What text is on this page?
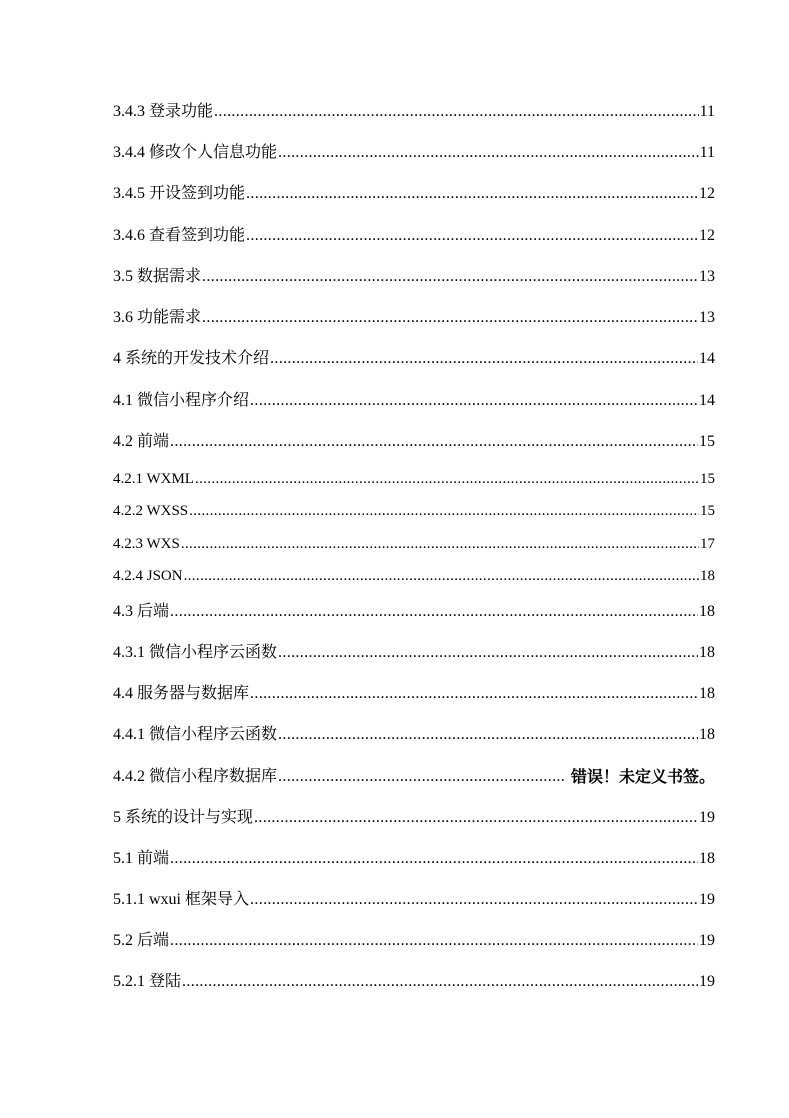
3.4.3 登录功能 .....	11
3.4.4 修改个人信息功能 .....	11
3.4.5 开设签到功能 .....	12
3.4.6 查看签到功能 .....	12
3.5 数据需求 .....	13
3.6 功能需求 .....	13
4 系统的开发技术介绍 .....	14
4.1 微信小程序介绍 .....	14
4.2 前端 .....	15
4.2.1 WXML .....	15
4.2.2 WXSS .....	15
4.2.3 WXS .....	17
4.2.4 JSON .....	18
4.3 后端 .....	18
4.3.1 微信小程序云函数 .....	18
4.4 服务器与数据库 .....	18
4.4.1 微信小程序云函数 .....	18
4.4.2 微信小程序数据库 .....	错误！未定义书签。
5 系统的设计与实现 .....	19
5.1 前端 .....	18
5.1.1 wxui 框架导入 .....	19
5.2 后端 .....	19
5.2.1 登陆 .....	19
